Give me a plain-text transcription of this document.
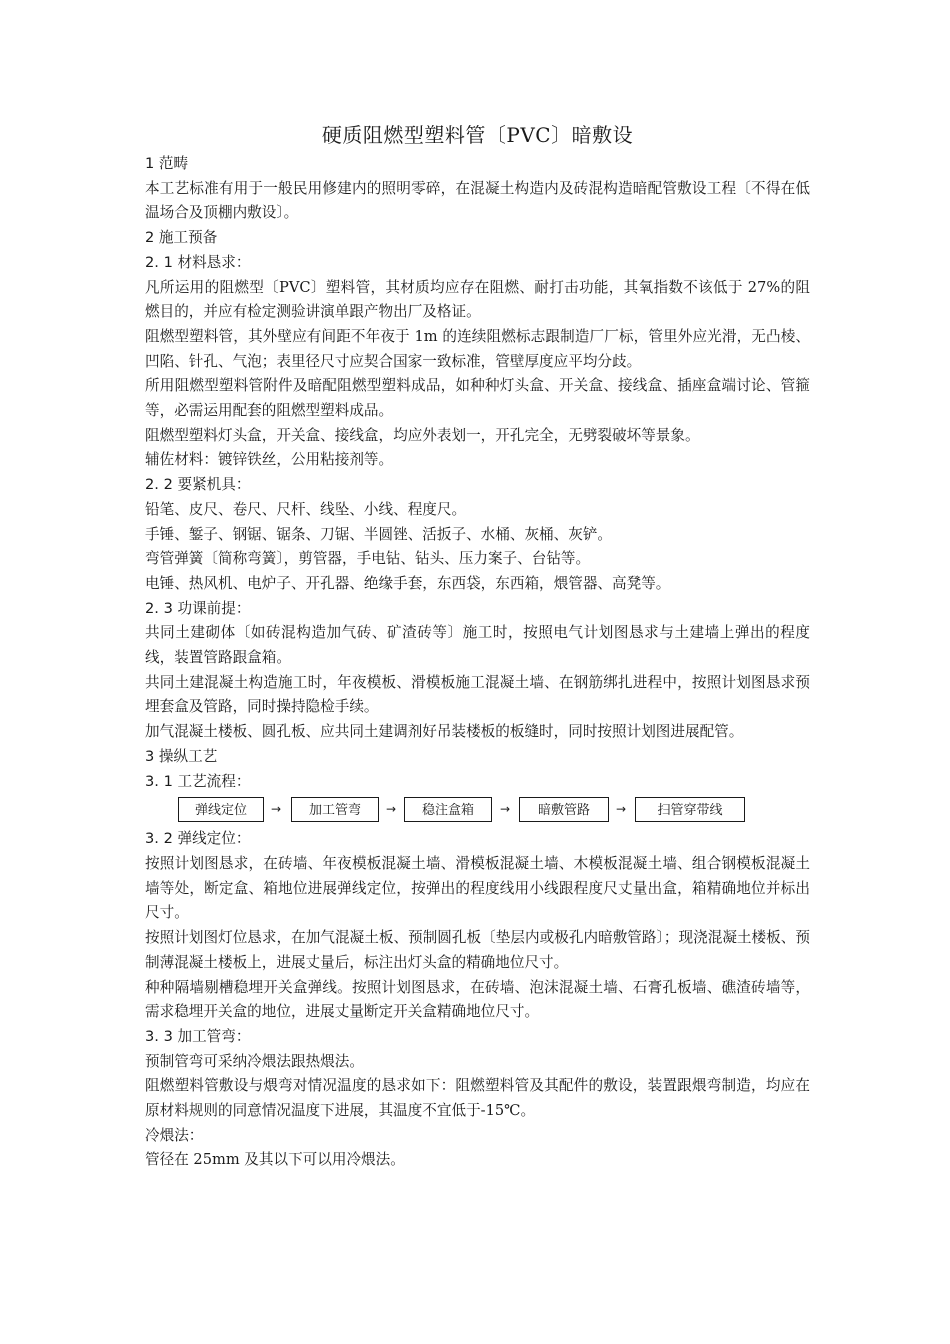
硬质阻燃型塑料管〔PVC〕暗敷设
1 范畴

本工艺标准有用于一般民用修建内的照明零碎，在混凝土构造内及砖混构造暗配管敷设工程〔不得在低温场合及顶棚内敷设〕。

2 施工预备
2. 1 材料恳求：

凡所运用的阻燃型〔PVC〕塑料管，其材质均应存在阻燃、耐打击功能，其氧指数不该低于 27%的阻燃目的，并应有检定测验讲演单跟产物出厂及格证。

阻燃型塑料管，其外壁应有间距不年夜于 1m 的连续阻燃标志跟制造厂厂标，管里外应光滑，无凸棱、凹陷、针孔、气泡；表里径尺寸应契合国家一致标准，管壁厚度应平均分歧。

所用阻燃型塑料管附件及暗配阻燃型塑料成品，如种种灯头盒、开关盒、接线盒、插座盒端讨论、管箍等，必需运用配套的阻燃型塑料成品。

阻燃型塑料灯头盒，开关盒、接线盒，均应外表划一，开孔完全，无劈裂破坏等景象。

辅佐材料：镀锌铁丝，公用粘接剂等。

2. 2 要紧机具：

铅笔、皮尺、卷尺、尺杆、线坠、小线、程度尺。

手锤、錾子、钢锯、锯条、刀锯、半圆锉、活扳子、水桶、灰桶、灰铲。

弯管弹簧〔简称弯簧〕，剪管器，手电钻、钻头、压力案子、台钻等。

电锤、热风机、电炉子、开孔器、绝缘手套，东西袋，东西箱，煨管器、高凳等。

2. 3 功课前提：

共同土建砌体〔如砖混构造加气砖、矿渣砖等〕施工时，按照电气计划图恳求与土建墙上弹出的程度线，装置管路跟盒箱。

共同土建混凝土构造施工时，年夜模板、滑模板施工混凝土墙、在钢筋绑扎进程中，按照计划图恳求预埋套盒及管路，同时操持隐检手续。

加气混凝土楼板、圆孔板、应共同土建调剂好吊装楼板的板缝时，同时按照计划图进展配管。

3 操纵工艺
3. 1 工艺流程：
弹线定位	→	加工管弯	→	稳注盒箱	→	暗敷管路	→	扫管穿带线
3. 2 弹线定位：

按照计划图恳求，在砖墙、年夜模板混凝土墙、滑模板混凝土墙、木模板混凝土墙、组合钢模板混凝土墙等处，断定盒、箱地位进展弹线定位，按弹出的程度线用小线跟程度尺丈量出盒，箱精确地位并标出尺寸。

按照计划图灯位恳求，在加气混凝土板、预制圆孔板〔垫层内或极孔内暗敷管路〕；现浇混凝土楼板、预制薄混凝土楼板上，进展丈量后，标注出灯头盒的精确地位尺寸。

种种隔墙剔槽稳埋开关盒弹线。按照计划图恳求，在砖墙、泡沫混凝土墙、石膏孔板墙、礁渣砖墙等，需求稳埋开关盒的地位，进展丈量断定开关盒精确地位尺寸。

3. 3 加工管弯：

预制管弯可采纳冷煨法跟热煨法。

阻燃塑料管敷设与煨弯对情况温度的恳求如下：阻燃塑料管及其配件的敷设，装置跟煨弯制造，均应在原材料规则的同意情况温度下进展，其温度不宜低于-15℃。

冷煨法：

管径在 25mm 及其以下可以用冷煨法。
